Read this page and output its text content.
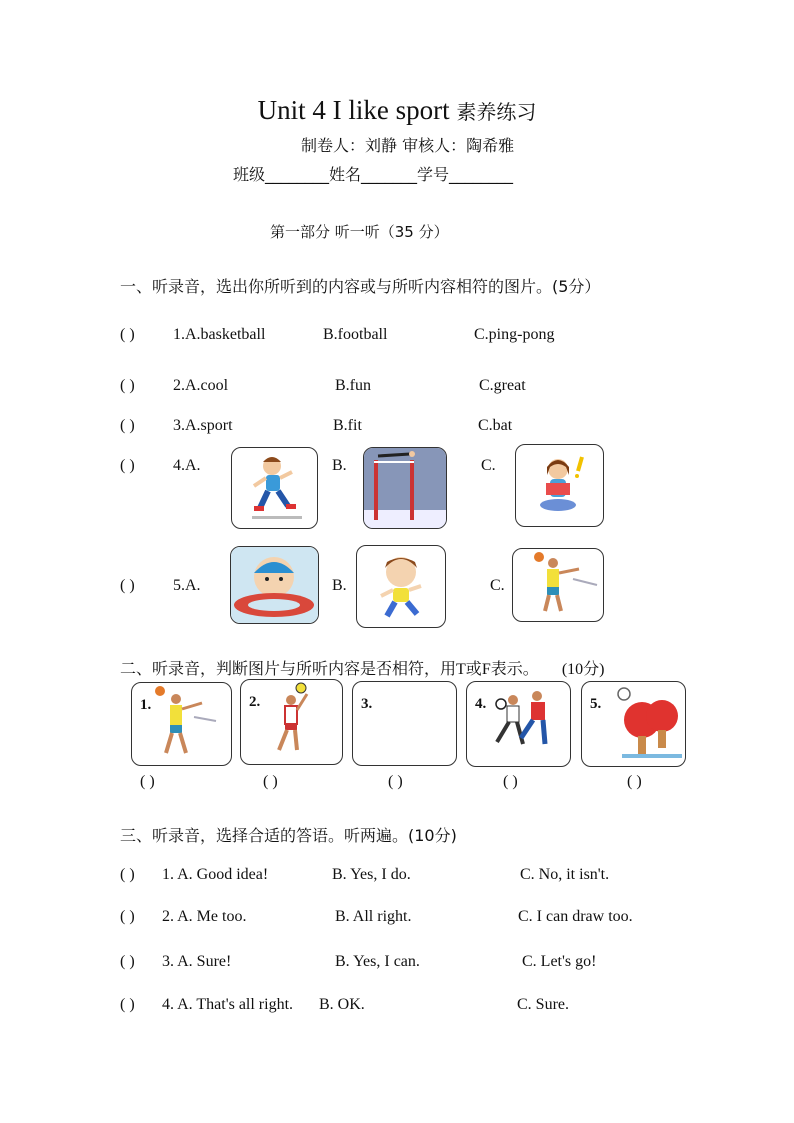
Unit 4 I like sport 素养练习
制卷人：刘静 审核人：陶希雅
班级________姓名_______学号________
第一部分 听一听（35 分）
一、听录音，选出你所听到的内容或与所听内容相符的图片。(5分）
( ) 1.A.basketball	B.football	C.ping-pong
( ) 2.A.cool	B.fun	C.great
( ) 3.A.sport	B.fit	C.bat
( ) 4.A.	B.	C.
( ) 5.A.	B.	C.
二、听录音，判断图片与所听内容是否相符，用T或F表示。 (10分)
1.	2.	3.	4.	5.
( )	( )	( )	( )	( )
三、听录音，选择合适的答语。听两遍。(10分)
( ) 1. A. Good idea!	B. Yes, I do.	C. No, it isn't.
( ) 2. A. Me too.	B. All right.	C. I can draw too.
( ) 3. A. Sure!	B. Yes, I can.	C. Let's go!
( ) 4. A. That's all right. B. OK.	C. Sure.
